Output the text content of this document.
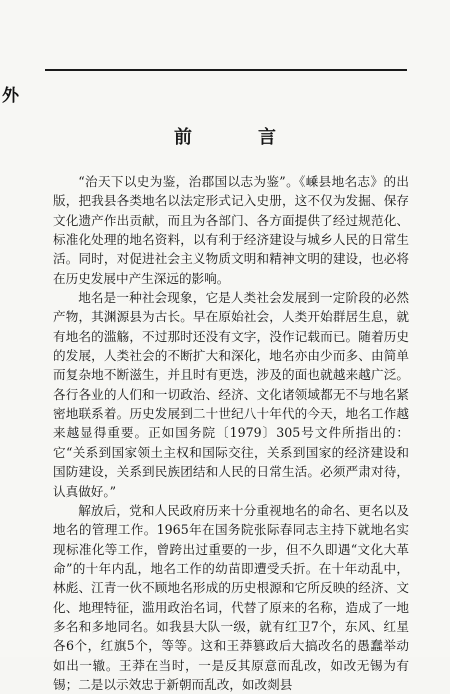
外
前　言

“治天下以史为鉴，治郡国以志为鉴”。《嵊县地名志》的出版，把我县各类地名以法定形式记入史册，这不仅为发掘、保存文化遗产作出贡献，而且为各部门、各方面提供了经过规范化、标准化处理的地名资料，以有利于经济建设与城乡人民的日常生活。同时，对促进社会主义物质文明和精神文明的建设，也必将在历史发展中产生深远的影响。

地名是一种社会现象，它是人类社会发展到一定阶段的必然产物，其渊源县为古长。早在原始社会，人类开始群居生息，就有地名的滥觞，不过那时还没有文字，没作记载而已。随着历史的发展，人类社会的不断扩大和深化，地名亦由少而多、由简单而复杂地不断滋生，并且时有更迭，涉及的面也就越来越广泛。各行各业的人们和一切政治、经济、文化诸领域都无不与地名紧密地联系着。历史发展到二十世纪八十年代的今天，地名工作越来越显得重要。正如国务院〔1979〕305号文件所指出的：它“关系到国家领土主权和国际交往，关系到国家的经济建设和国防建设，关系到民族团结和人民的日常生活。必须严肃对待，认真做好。”

解放后，党和人民政府历来十分重视地名的命名、更名以及地名的管理工作。1965年在国务院张际春同志主持下就地名实现标准化等工作，曾跨出过重要的一步，但不久即遇“文化大革命”的十年内乱，地名工作的幼苗即遭受夭折。在十年动乱中，林彪、江青一伙不顾地名形成的历史根源和它所反映的经济、文化、地理特征，滥用政治名词，代替了原来的名称，造成了一地多名和多地同名。如我县大队一级，就有红卫7个，东风、红星各6个，红旗5个，等等。这和王莽篡政后大搞改名的愚蠢举动如出一辙。王莽在当时，一是反其原意而乱改，如改无锡为有锡；二是以示效忠于新朝而乱改，如改剡县
